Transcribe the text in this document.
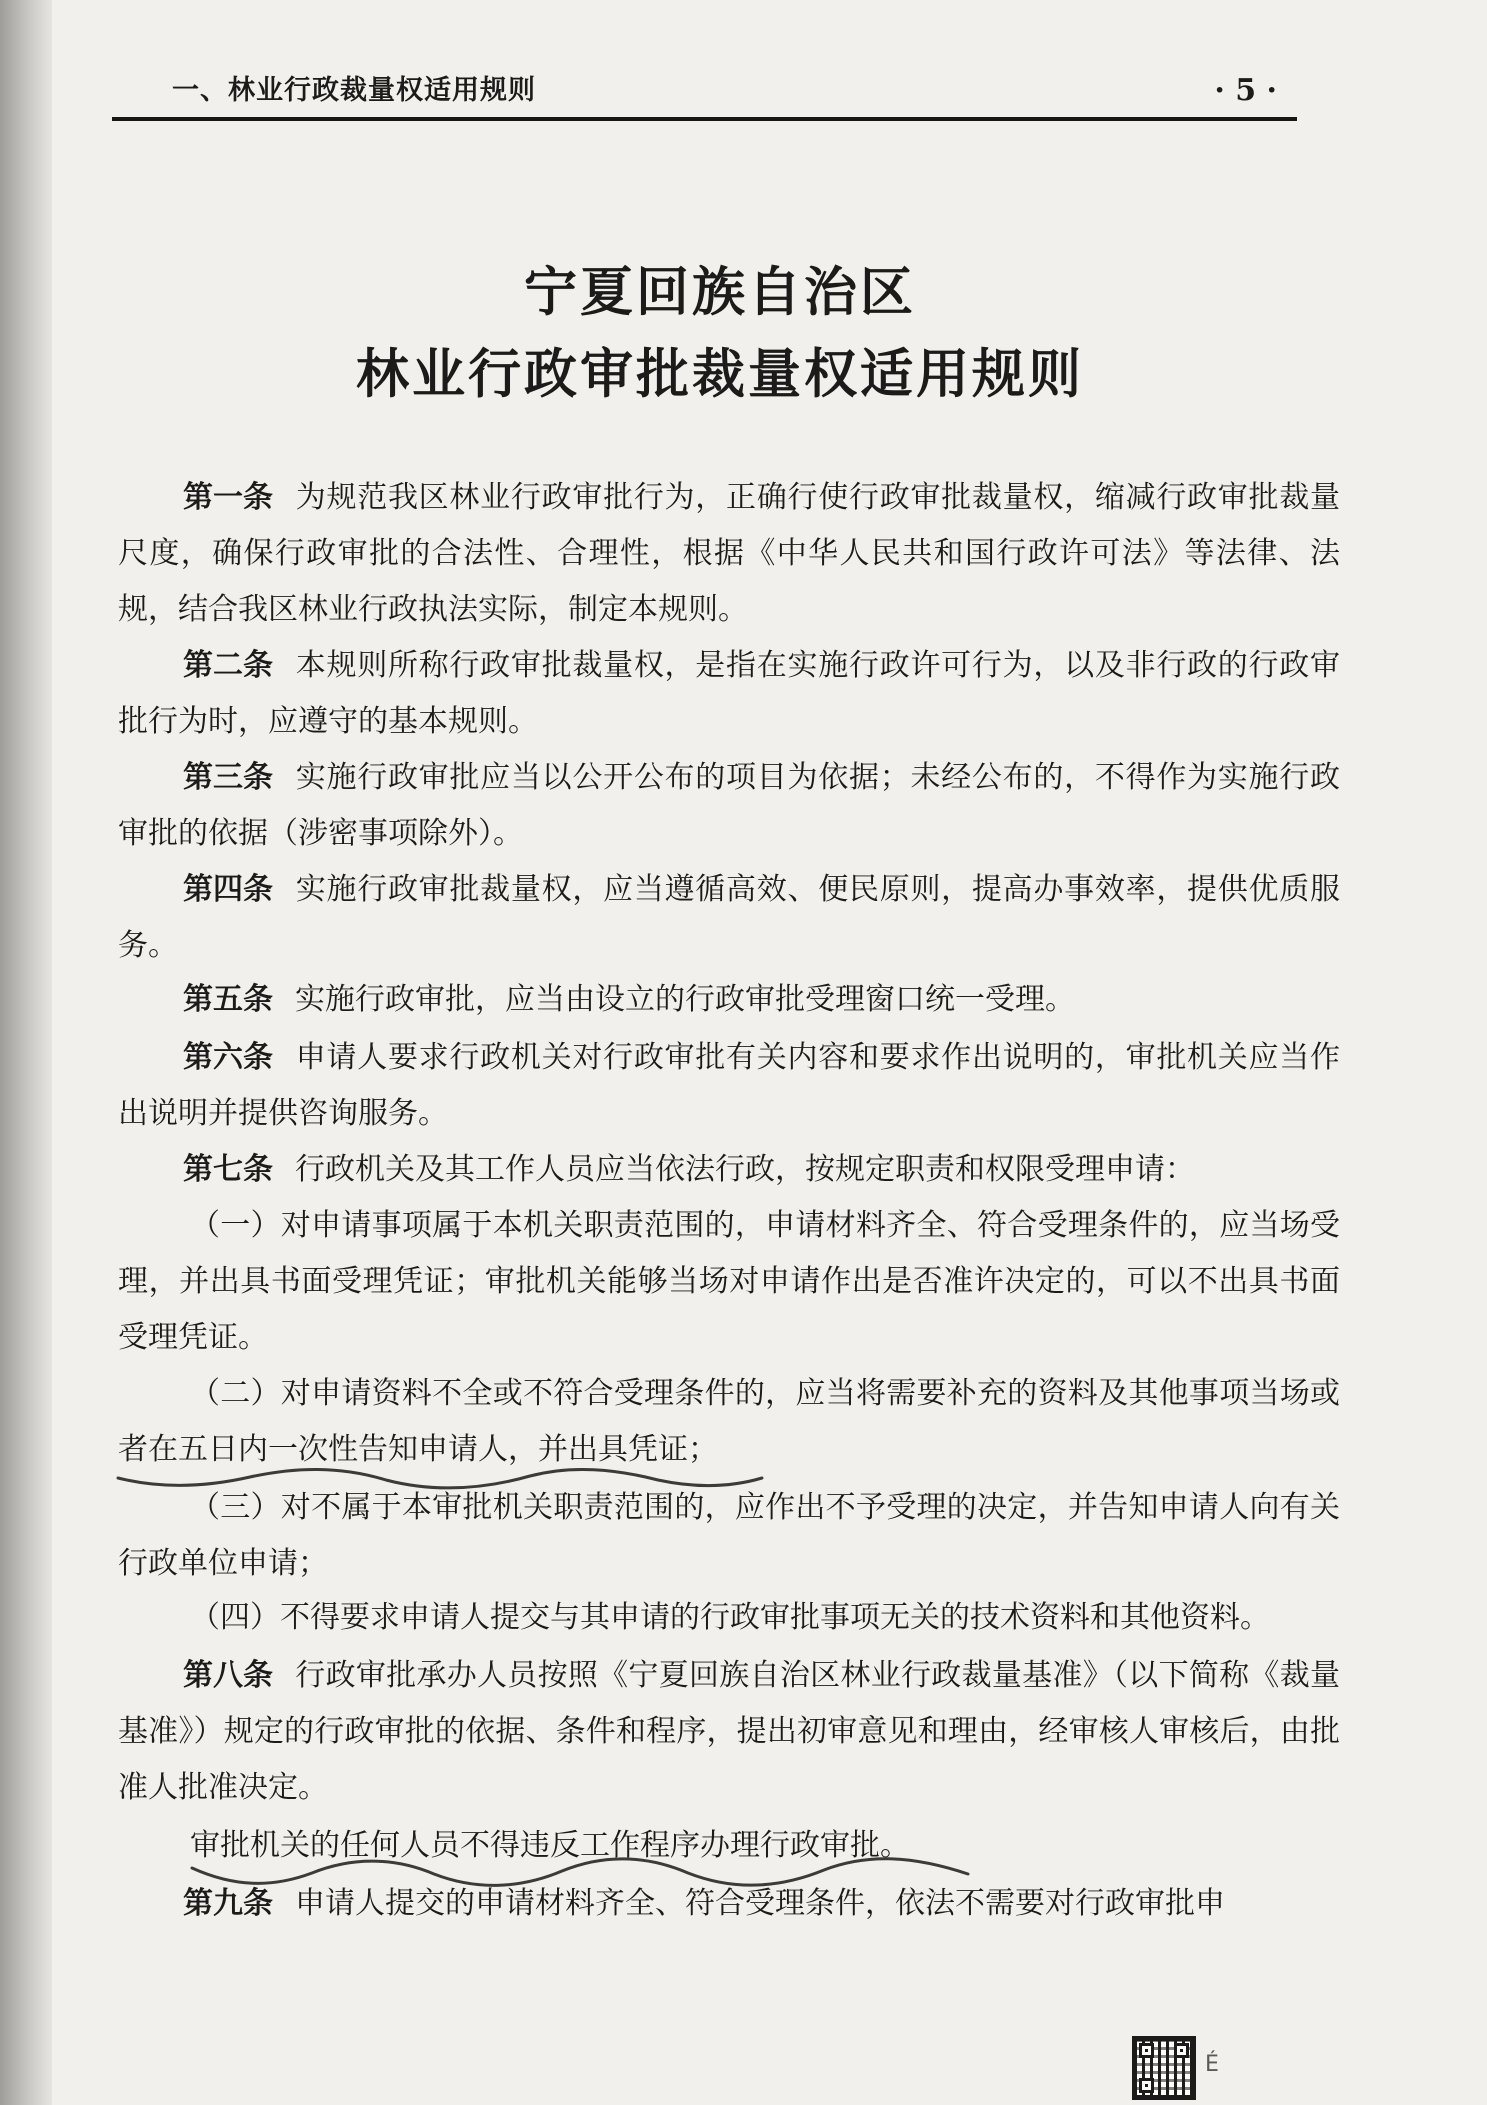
一、林业行政裁量权适用规则	· 5 ·
宁夏回族自治区
林业行政审批裁量权适用规则

第一条 为规范我区林业行政审批行为，正确行使行政审批裁量权，缩减行政审批裁量尺度，确保行政审批的合法性、合理性，根据《中华人民共和国行政许可法》等法律、法规，结合我区林业行政执法实际，制定本规则。

第二条 本规则所称行政审批裁量权，是指在实施行政许可行为，以及非行政的行政审批行为时，应遵守的基本规则。

第三条 实施行政审批应当以公开公布的项目为依据；未经公布的，不得作为实施行政审批的依据（涉密事项除外）。

第四条 实施行政审批裁量权，应当遵循高效、便民原则，提高办事效率，提供优质服务。

第五条 实施行政审批，应当由设立的行政审批受理窗口统一受理。

第六条 申请人要求行政机关对行政审批有关内容和要求作出说明的，审批机关应当作出说明并提供咨询服务。

第七条 行政机关及其工作人员应当依法行政，按规定职责和权限受理申请：

（一）对申请事项属于本机关职责范围的，申请材料齐全、符合受理条件的，应当场受理，并出具书面受理凭证；审批机关能够当场对申请作出是否准许决定的，可以不出具书面受理凭证。

（二）对申请资料不全或不符合受理条件的，应当将需要补充的资料及其他事项当场或者在五日内一次性告知申请人，并出具凭证；

（三）对不属于本审批机关职责范围的，应作出不予受理的决定，并告知申请人向有关行政单位申请；

（四）不得要求申请人提交与其申请的行政审批事项无关的技术资料和其他资料。

第八条 行政审批承办人员按照《宁夏回族自治区林业行政裁量基准》（以下简称《裁量基准》）规定的行政审批的依据、条件和程序，提出初审意见和理由，经审核人审核后，由批准人批准决定。

审批机关的任何人员不得违反工作程序办理行政审批。

第九条 申请人提交的申请材料齐全、符合受理条件，依法不需要对行政审批申

É
